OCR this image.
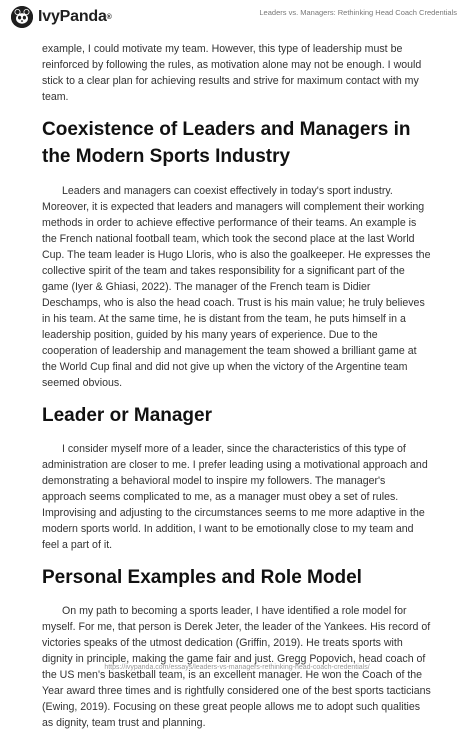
IvyPanda ®	Leaders vs. Managers: Rethinking Head Coach Credentials

example, I could motivate my team. However, this type of leadership must be reinforced by following the rules, as motivation alone may not be enough. I would stick to a clear plan for achieving results and strive for maximum contact with my team.

Coexistence of Leaders and Managers in the Modern Sports Industry

Leaders and managers can coexist effectively in today's sport industry. Moreover, it is expected that leaders and managers will complement their working methods in order to achieve effective performance of their teams. An example is the French national football team, which took the second place at the last World Cup. The team leader is Hugo Lloris, who is also the goalkeeper. He expresses the collective spirit of the team and takes responsibility for a significant part of the game (Iyer & Ghiasi, 2022). The manager of the French team is Didier Deschamps, who is also the head coach. Trust is his main value; he truly believes in his team. At the same time, he is distant from the team, he puts himself in a leadership position, guided by his many years of experience. Due to the cooperation of leadership and management the team showed a brilliant game at the World Cup final and did not give up when the victory of the Argentine team seemed obvious.

Leader or Manager

I consider myself more of a leader, since the characteristics of this type of administration are closer to me. I prefer leading using a motivational approach and demonstrating a behavioral model to inspire my followers. The manager's approach seems complicated to me, as a manager must obey a set of rules. Improvising and adjusting to the circumstances seems to me more adaptive in the modern sports world. In addition, I want to be emotionally close to my team and feel a part of it.

Personal Examples and Role Model

On my path to becoming a sports leader, I have identified a role model for myself. For me, that person is Derek Jeter, the leader of the Yankees. His record of victories speaks of the utmost dedication (Griffin, 2019). He treats sports with dignity in principle, making the game fair and just. Gregg Popovich, head coach of the US men's basketball team, is an excellent manager. He won the Coach of the Year award three times and is rightfully considered one of the best sports tacticians (Ewing, 2019). Focusing on these great people allows me to adopt such qualities as dignity, team trust and planning.

https://ivypanda.com/essays/leaders-vs-managers-rethinking-head-coach-credentials/
